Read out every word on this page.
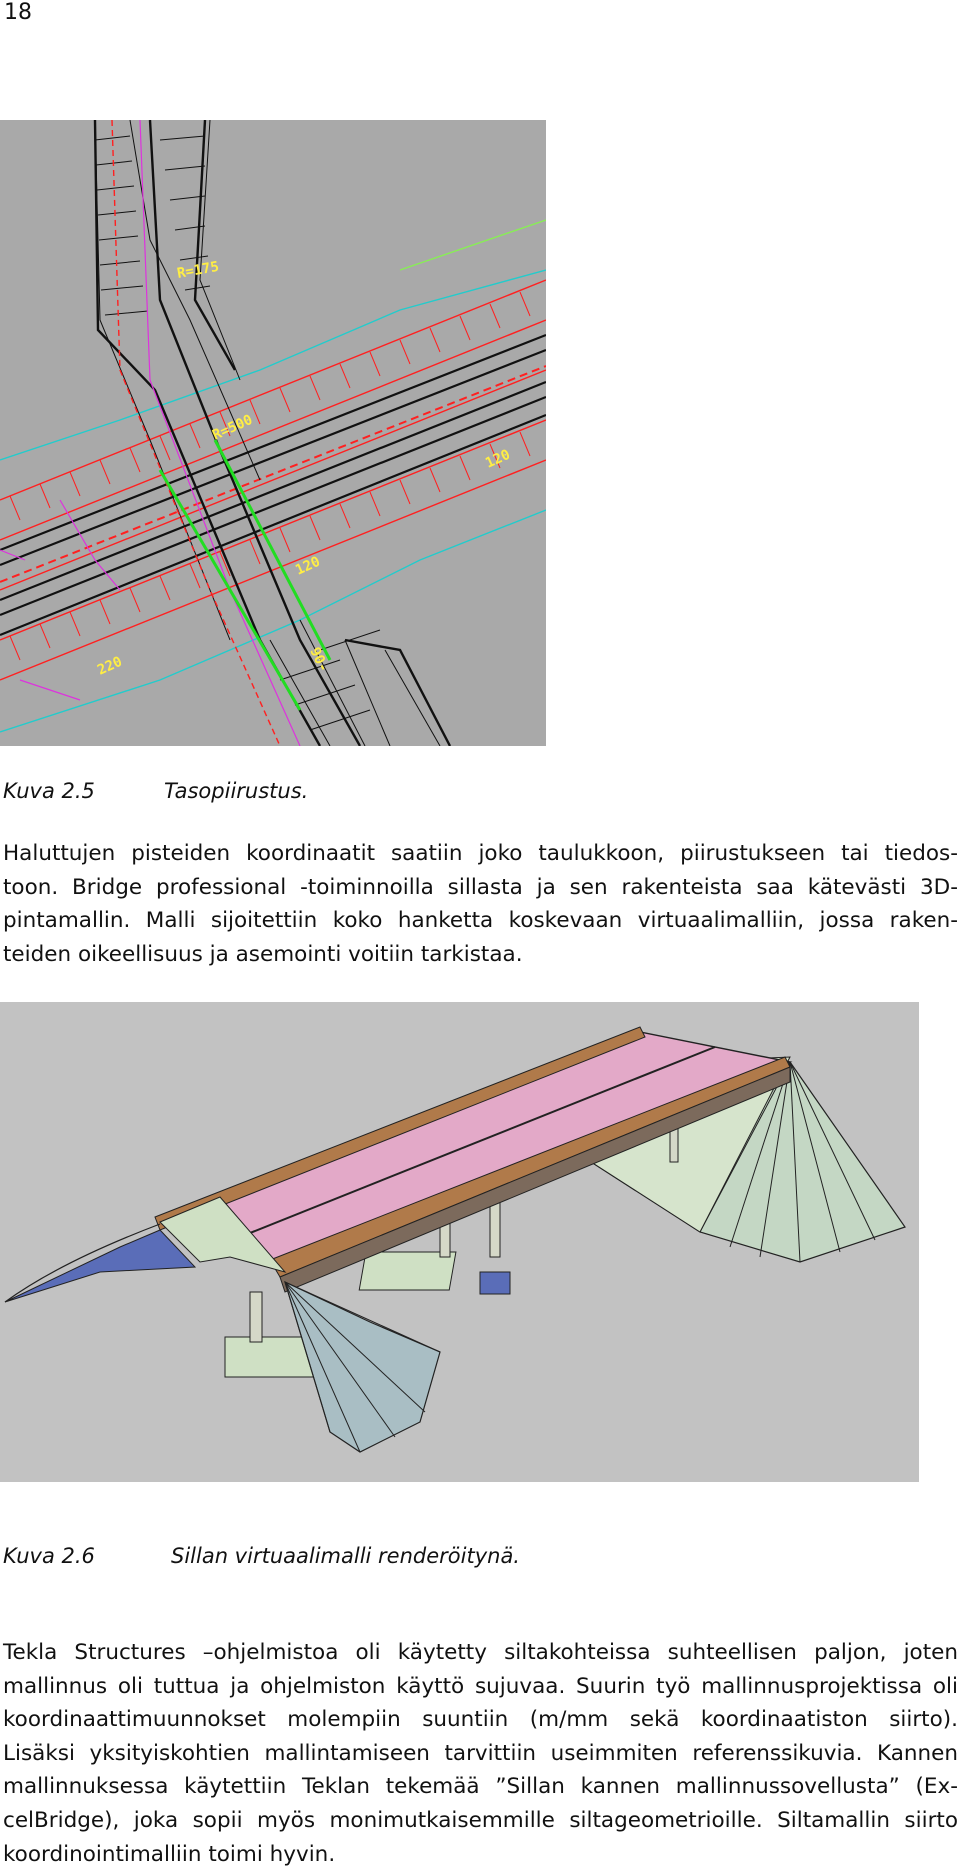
18
R=175
R=500
120
120
220	90-
Kuva 2.5	Tasopiirustus.
Haluttujen pisteiden koordinaatit saatiin joko taulukkoon, piirustukseen tai tiedos-
toon. Bridge professional -toiminnoilla sillasta ja sen rakenteista saa kätevästi 3D-
pintamallin. Malli sijoitettiin koko hanketta koskevaan virtuaalimalliin, jossa raken-
teiden oikeellisuus ja asemointi voitiin tarkistaa.
Kuva 2.6	Sillan virtuaalimalli renderöitynä.
Tekla Structures –ohjelmistoa oli käytetty siltakohteissa suhteellisen paljon, joten
mallinnus oli tuttua ja ohjelmiston käyttö sujuvaa. Suurin työ mallinnusprojektissa oli
koordinaattimuunnokset molempiin suuntiin (m/mm sekä koordinaatiston siirto).
Lisäksi yksityiskohtien mallintamiseen tarvittiin useimmiten referenssikuvia. Kannen
mallinnuksessa käytettiin Teklan tekemää ”Sillan kannen mallinnussovellusta” (Ex-
celBridge), joka sopii myös monimutkaisemmille siltageometrioille. Siltamallin siirto
koordinointimalliin toimi hyvin.
